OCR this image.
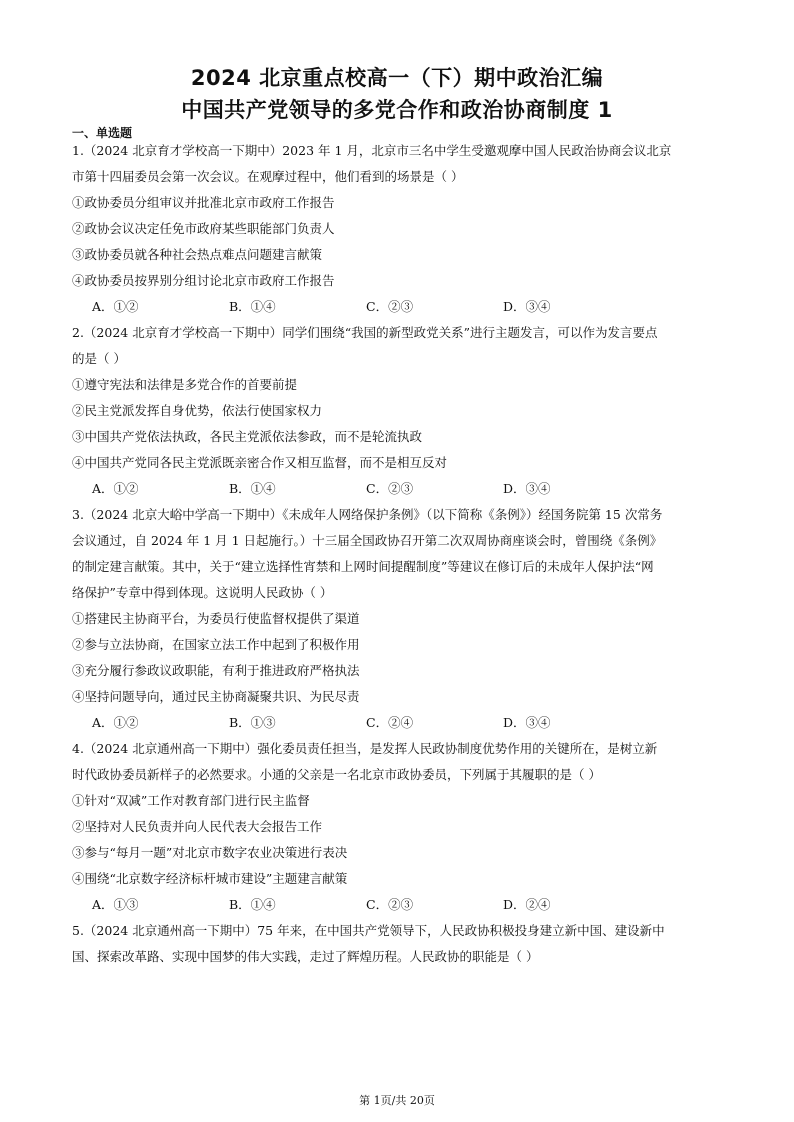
2024 北京重点校高一（下）期中政治汇编
中国共产党领导的多党合作和政治协商制度 1
一、单选题
1.（2024 北京育才学校高一下期中）2023 年 1 月，北京市三名中学生受邀观摩中国人民政治协商会议北京
市第十四届委员会第一次会议。在观摩过程中，他们看到的场景是（ ）
①政协委员分组审议并批准北京市政府工作报告
②政协会议决定任免市政府某些职能部门负责人
③政协委员就各种社会热点难点问题建言献策
④政协委员按界别分组讨论北京市政府工作报告
A．①②	B．①④	C．②③	D．③④
2.（2024 北京育才学校高一下期中）同学们围绕“我国的新型政党关系”进行主题发言，可以作为发言要点
的是（ ）
①遵守宪法和法律是多党合作的首要前提
②民主党派发挥自身优势，依法行使国家权力
③中国共产党依法执政，各民主党派依法参政，而不是轮流执政
④中国共产党同各民主党派既亲密合作又相互监督，而不是相互反对
A．①②	B．①④	C．②③	D．③④
3.（2024 北京大峪中学高一下期中）《未成年人网络保护条例》（以下简称《条例》）经国务院第 15 次常务
会议通过，自 2024 年 1 月 1 日起施行。）十三届全国政协召开第二次双周协商座谈会时，曾围绕《条例》
的制定建言献策。其中，关于“建立选择性宵禁和上网时间提醒制度”等建议在修订后的未成年人保护法“网
络保护”专章中得到体现。这说明人民政协（ ）
①搭建民主协商平台，为委员行使监督权提供了渠道
②参与立法协商，在国家立法工作中起到了积极作用
③充分履行参政议政职能，有利于推进政府严格执法
④坚持问题导向，通过民主协商凝聚共识、为民尽责
A．①②	B．①③	C．②④	D．③④
4.（2024 北京通州高一下期中）强化委员责任担当，是发挥人民政协制度优势作用的关键所在，是树立新
时代政协委员新样子的必然要求。小通的父亲是一名北京市政协委员，下列属于其履职的是（ ）
①针对“双减”工作对教育部门进行民主监督
②坚持对人民负责并向人民代表大会报告工作
③参与“每月一题”对北京市数字农业决策进行表决
④围绕“北京数字经济标杆城市建设”主题建言献策
A．①③	B．①④	C．②③	D．②④
5.（2024 北京通州高一下期中）75 年来，在中国共产党领导下，人民政协积极投身建立新中国、建设新中
国、探索改革路、实现中国梦的伟大实践，走过了辉煌历程。人民政协的职能是（ ）
第 1页/共 20页
